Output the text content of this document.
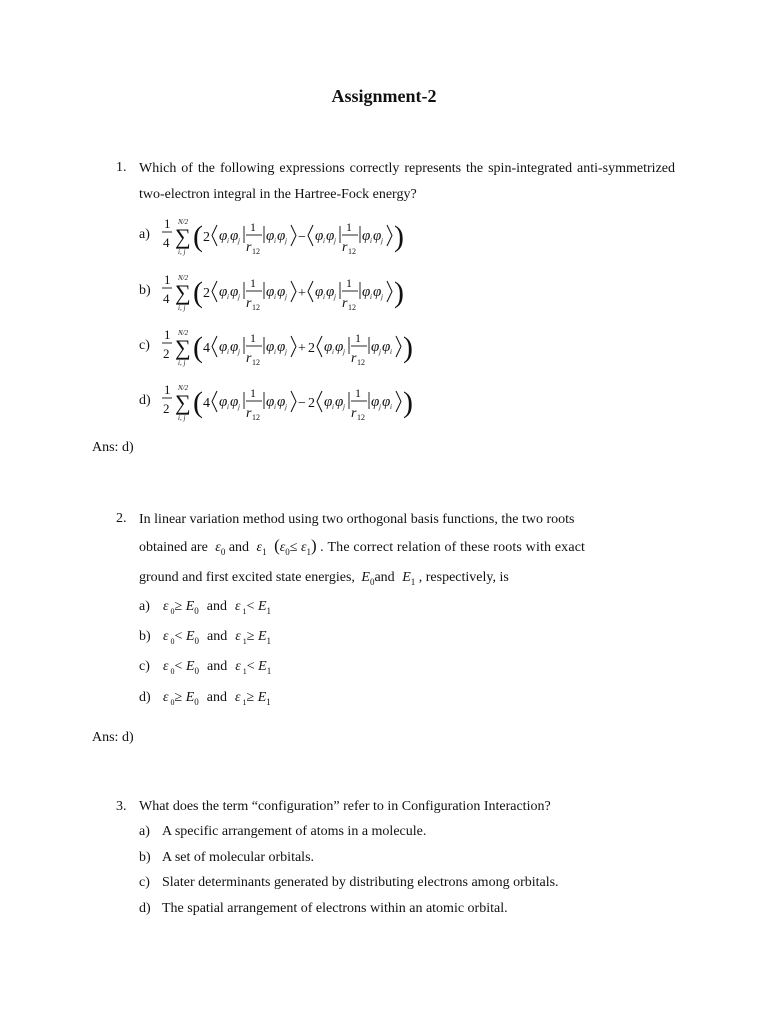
Assignment-2
1. Which of the following expressions correctly represents the spin-integrated anti-symmetrized two-electron integral in the Hartree-Fock energy?
a)
1
4
N/2
∑
i, j ( 2 φ i φ j
1
r 12
φ i φ j − φ i φ j
1
r 12
φ i φ j )
b)
1
4
N/2
∑
i, j ( 2 φ i φ j
1
r 12
φ i φ j + φ i φ j
1
r 12
φ i φ j )
c)
1
2
N/2
∑
i, j ( 4 φ i φ j
1
r 12
φ i φ j + 2 φ i φ j
1
r 12
φ j φ i )
d)
1
2
N/2
∑
i, j ( 4 φ i φ j
1
r 12
φ i φ j − 2 φ i φ j
1
r 12
φ j φ i )
Ans: d)
2. In linear variation method using two orthogonal basis functions, the two roots
obtained are $\varepsilon_0$ and $\varepsilon_1$ $(\varepsilon_0\le \varepsilon_1)$ . The correct relation of these roots with exact
ground and first excited state energies, $E_0and$ $E_1$ , respectively, is
a) ε $_0\ge E_0$ and ε $_1< E_1$
b) ε $_0< E_0$ and ε $_1\ge E_1$
c) ε $_0< E_0$ and ε $_1< E_1$
d) ε $_0\ge E_0$ and ε $_1\ge E_1$
Ans: d)
3. What does the term “configuration” refer to in Configuration Interaction?
a) A specific arrangement of atoms in a molecule.
b) A set of molecular orbitals.
c) Slater determinants generated by distributing electrons among orbitals.
d) The spatial arrangement of electrons within an atomic orbital.
